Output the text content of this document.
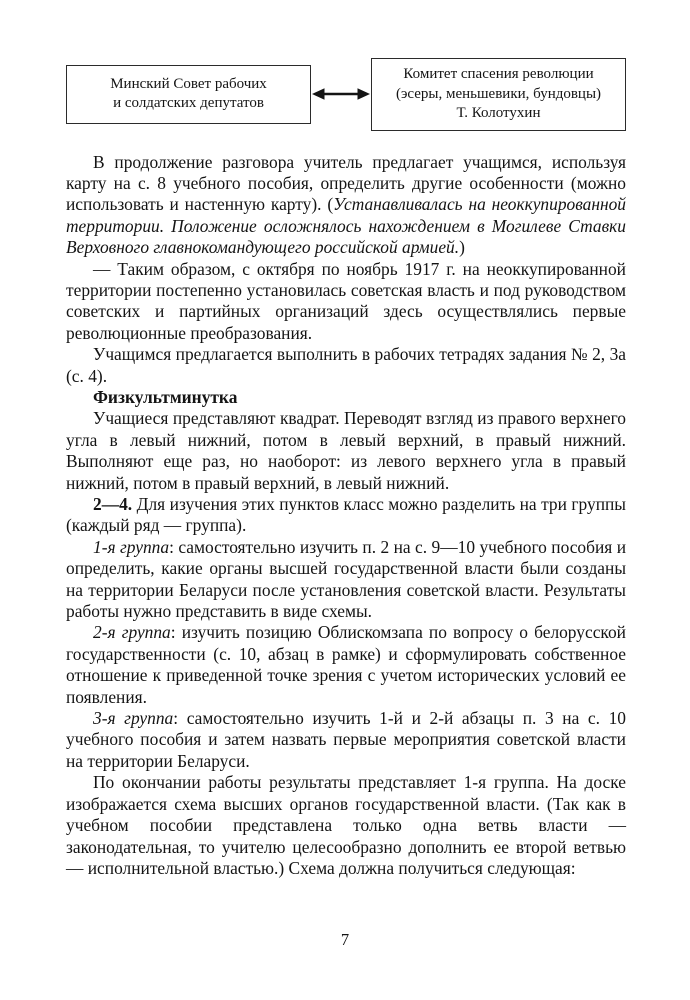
Минский Совет рабочих
и солдатских депутатов
Комитет спасения революции
(эсеры, меньшевики, бундовцы)
Т. Колотухин

В продолжение разговора учитель предлагает учащимся, используя карту на с. 8 учебного пособия, определить другие особенности (можно использовать и настенную карту). (Устанавливалась на неоккупированной территории. Положение осложнялось нахождением в Могилеве Ставки Верховного главнокомандующего российской армией.)

— Таким образом, с октября по ноябрь 1917 г. на неоккупированной территории постепенно установилась советская власть и под руководством советских и партийных организаций здесь осуществлялись первые революционные преобразования.

Учащимся предлагается выполнить в рабочих тетрадях задания № 2, 3а (с. 4).

Физкультминутка

Учащиеся представляют квадрат. Переводят взгляд из правого верхнего угла в левый нижний, потом в левый верхний, в правый нижний. Выполняют еще раз, но наоборот: из левого верхнего угла в правый нижний, потом в правый верхний, в левый нижний.

2—4. Для изучения этих пунктов класс можно разделить на три группы (каждый ряд — группа).

1-я группа: самостоятельно изучить п. 2 на с. 9—10 учебного пособия и определить, какие органы высшей государственной власти были созданы на территории Беларуси после установления советской власти. Результаты работы нужно представить в виде схемы.

2-я группа: изучить позицию Облискомзапа по вопросу о белорусской государственности (с. 10, абзац в рамке) и сформулировать собственное отношение к приведенной точке зрения с учетом исторических условий ее появления.

3-я группа: самостоятельно изучить 1-й и 2-й абзацы п. 3 на с. 10 учебного пособия и затем назвать первые мероприятия советской власти на территории Беларуси.

По окончании работы результаты представляет 1-я группа. На доске изображается схема высших органов государственной власти. (Так как в учебном пособии представлена только одна ветвь власти — законодательная, то учителю целесообразно дополнить ее второй ветвью — исполнительной властью.) Схема должна получиться следующая:

7
